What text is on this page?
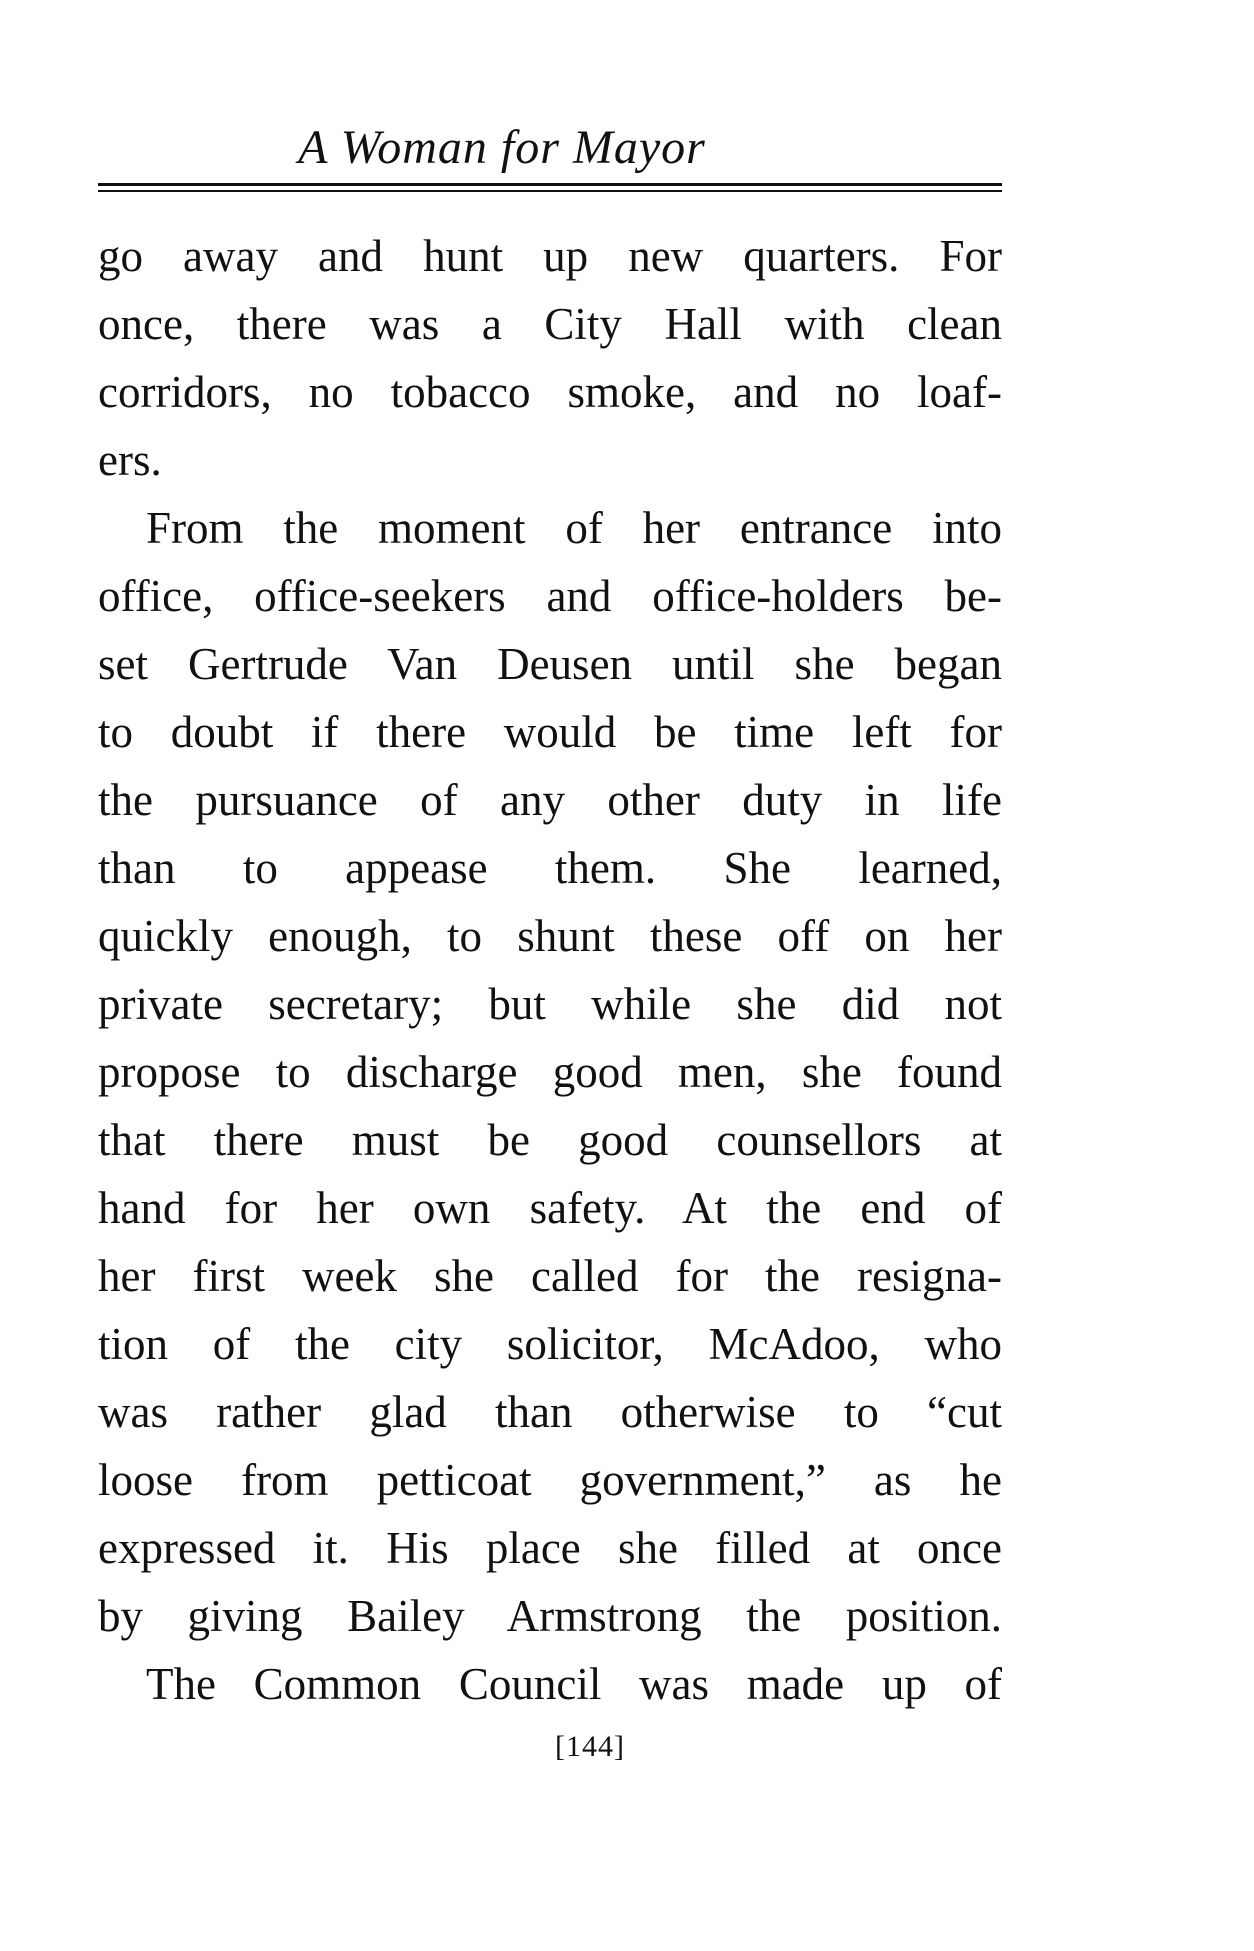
A Woman for Mayor
go away and hunt up new quarters. For
once, there was a City Hall with clean
corridors, no tobacco smoke, and no loaf-
ers.
From the moment of her entrance into
office, office-seekers and office-holders be-
set Gertrude Van Deusen until she began
to doubt if there would be time left for
the pursuance of any other duty in life
than to appease them. She learned,
quickly enough, to shunt these off on her
private secretary; but while she did not
propose to discharge good men, she found
that there must be good counsellors at
hand for her own safety. At the end of
her first week she called for the resigna-
tion of the city solicitor, McAdoo, who
was rather glad than otherwise to “cut
loose from petticoat government,” as he
expressed it. His place she filled at once
by giving Bailey Armstrong the position.
The Common Council was made up of
[144]
